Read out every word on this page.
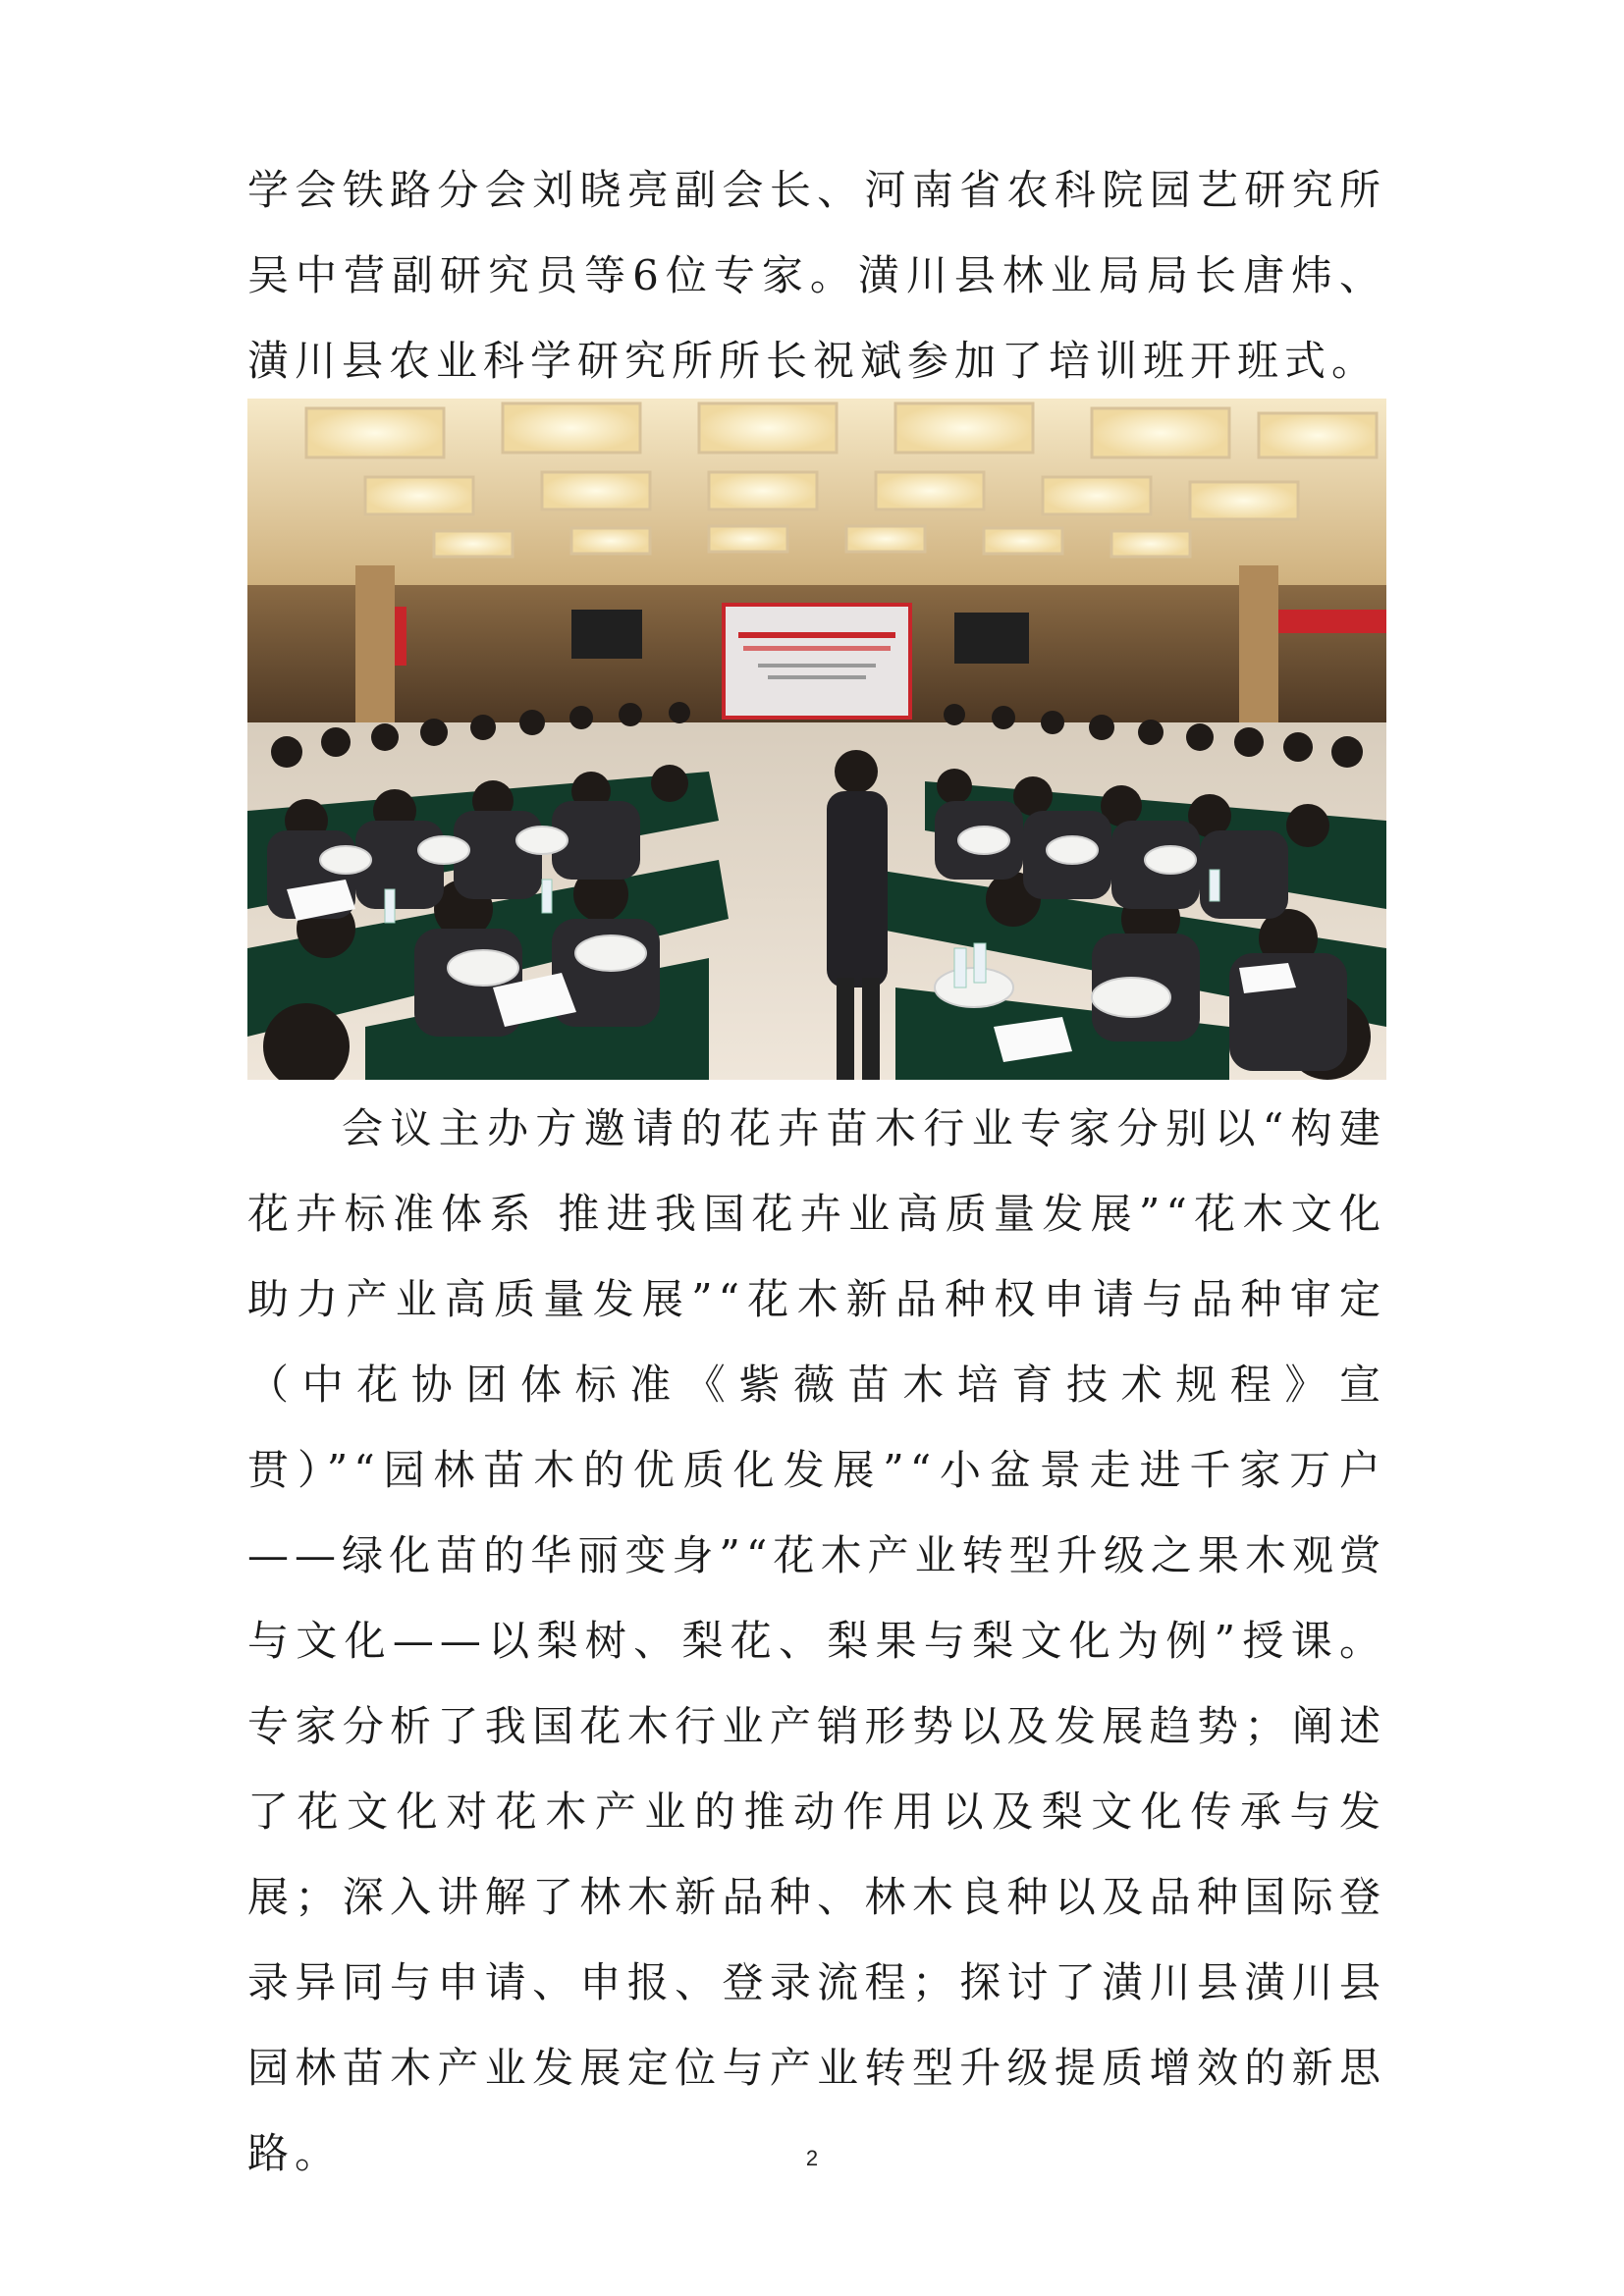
学会铁路分会刘晓亮副会长、河南省农科院园艺研究所吴中营副研究员等6位专家。潢川县林业局局长唐炜、潢川县农业科学研究所所长祝斌参加了培训班开班式。

会议主办方邀请的花卉苗木行业专家分别以“构建花卉标准体系 推进我国花卉业高质量发展”“花木文化助力产业高质量发展”“花木新品种权申请与品种审定（中花协团体标准《紫薇苗木培育技术规程》宣贯）”“园林苗木的优质化发展”“小盆景走进千家万户——绿化苗的华丽变身”“花木产业转型升级之果木观赏与文化——以梨树、梨花、梨果与梨文化为例”授课。专家分析了我国花木行业产销形势以及发展趋势；阐述了花文化对花木产业的推动作用以及梨文化传承与发展；深入讲解了林木新品种、林木良种以及品种国际登录异同与申请、申报、登录流程；探讨了潢川县潢川县园林苗木产业发展定位与产业转型升级提质增效的新思路。	2
